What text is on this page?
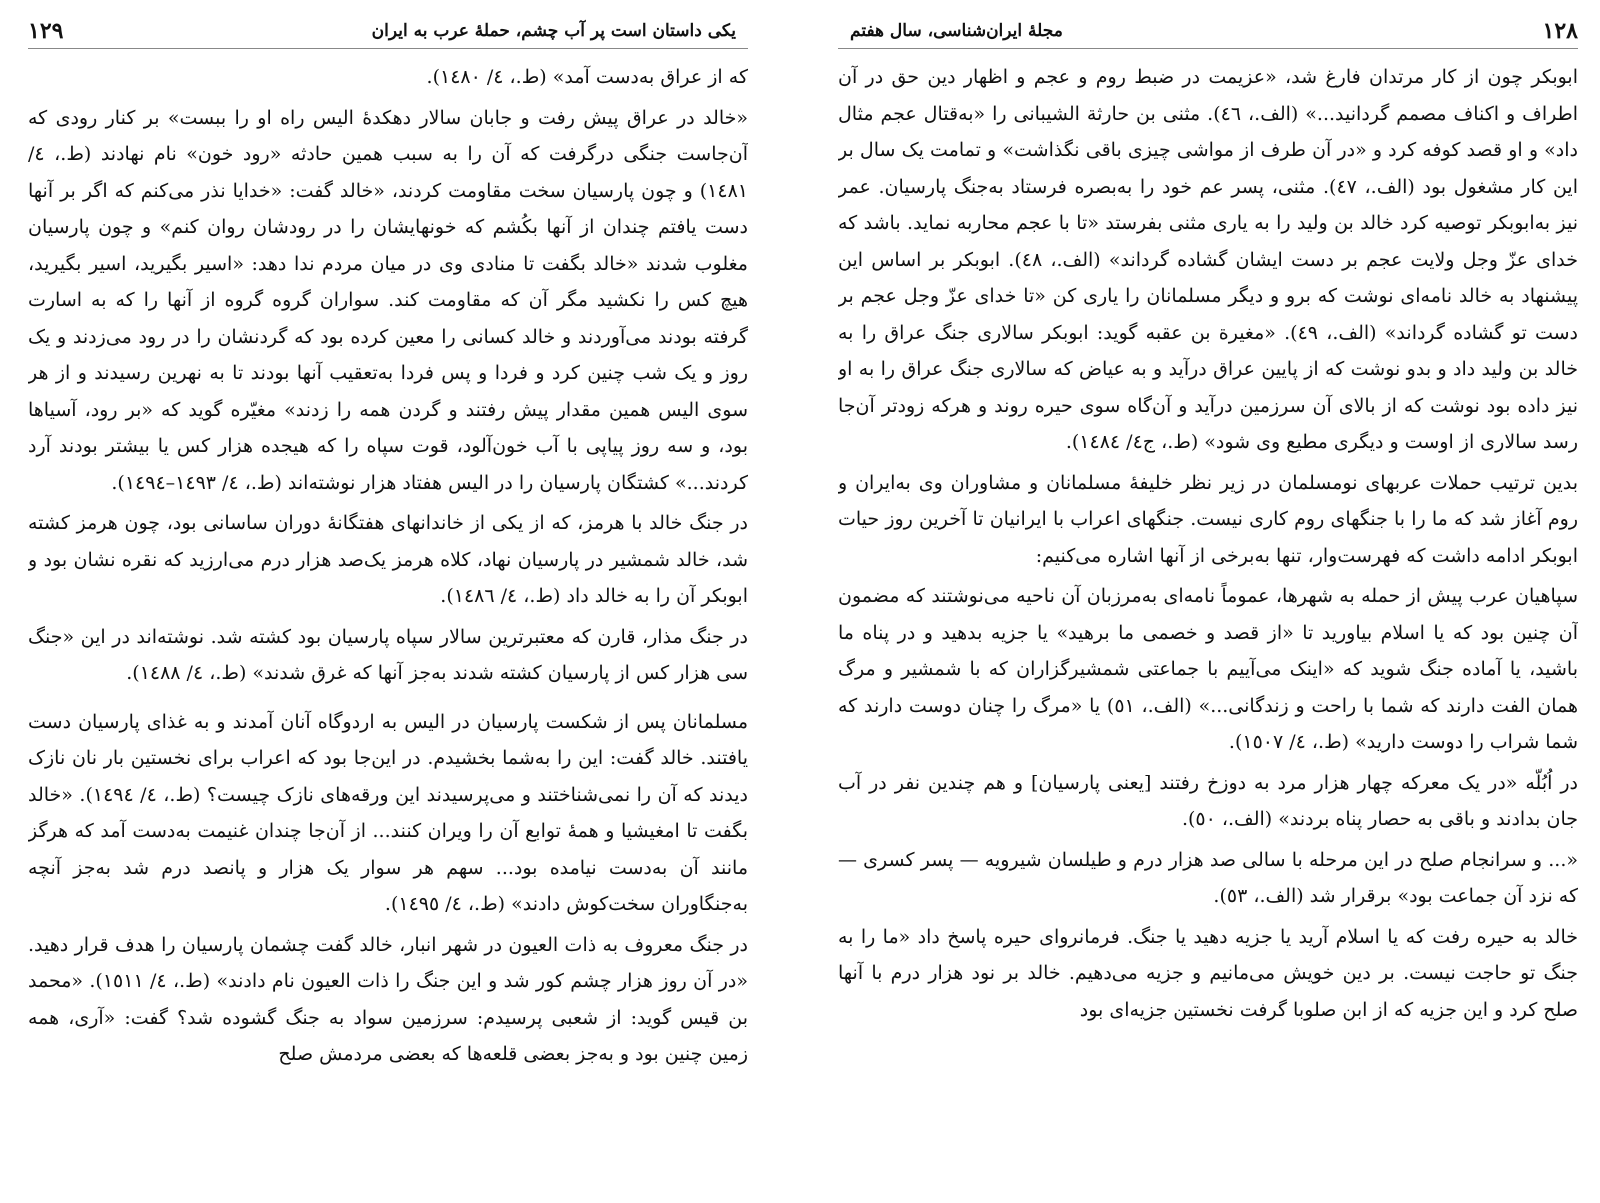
۱۲۹	یکی داستان است پر آب چشم، حملهٔ عرب به ایران

که از عراق به‌دست آمد» (ط.، ٤/ ۱٤۸۰).

«خالد در عراق پیش رفت و جابان سالار دهکدهٔ الیس راه او را ببست» بر کنار رودی که آن‌جاست جنگی درگرفت که آن را به سبب همین حادثه «رود خون» نام نهادند (ط.، ٤/ ۱٤۸۱) و چون پارسیان سخت مقاومت کردند، «خالد گفت: «خدایا نذر می‌کنم که اگر بر آنها دست یافتم چندان از آنها بکُشم که خونهایشان را در رودشان روان کنم» و چون پارسیان مغلوب شدند «خالد بگفت تا منادی وی در میان مردم ندا دهد: «اسیر بگیرید، اسیر بگیرید، هیچ کس را نکشید مگر آن که مقاومت کند. سواران گروه گروه از آنها را که به اسارت گرفته بودند می‌آوردند و خالد کسانی را معین کرده بود که گردنشان را در رود می‌زدند و یک روز و یک شب چنین کرد و فردا و پس فردا به‌تعقیب آنها بودند تا به نهرین رسیدند و از هر سوی الیس همین مقدار پیش رفتند و گردن همه را زدند» مغیّره گوید که «بر رود، آسیاها بود، و سه روز پیاپی با آب خون‌آلود، قوت سپاه را که هیجده هزار کس یا بیشتر بودند آرد کردند...» کشتگان پارسیان را در الیس هفتاد هزار نوشته‌اند (ط.، ٤/ ۱٤۹۳–۱٤۹٤).

در جنگ خالد با هرمز، که از یکی از خاندانهای هفتگانهٔ دوران ساسانی بود، چون هرمز کشته شد، خالد شمشیر در پارسیان نهاد، کلاه هرمز یک‌صد هزار درم می‌ارزید که نقره نشان بود و ابوبکر آن را به خالد داد (ط.، ٤/ ۱٤۸٦).

در جنگ مذار، قارن که معتبرترین سالار سپاه پارسیان بود کشته شد. نوشته‌اند در این «جنگ سی هزار کس از پارسیان کشته شدند به‌جز آنها که غرق شدند» (ط.، ٤/ ۱٤۸۸).

مسلمانان پس از شکست پارسیان در الیس به اردوگاه آنان آمدند و به غذای پارسیان دست یافتند. خالد گفت: این را به‌شما بخشیدم. در این‌جا بود که اعراب برای نخستین بار نان نازک دیدند که آن را نمی‌شناختند و می‌پرسیدند این ورقه‌های نازک چیست؟ (ط.، ٤/ ۱٤۹٤). «خالد بگفت تا امغیشیا و همهٔ توابع آن را ویران کنند... از آن‌جا چندان غنیمت به‌دست آمد که هرگز مانند آن به‌دست نیامده بود... سهم هر سوار یک هزار و پانصد درم شد به‌جز آنچه به‌جنگاوران سخت‌کوش دادند» (ط.، ٤/ ۱٤۹٥).

در جنگ معروف به ذات العیون در شهر انبار، خالد گفت چشمان پارسیان را هدف قرار دهید. «در آن روز هزار چشم کور شد و این جنگ را ذات العیون نام دادند» (ط.، ٤/ ۱٥۱۱). «محمد بن قیس گوید: از شعبی پرسیدم: سرزمین سواد به جنگ گشوده شد؟ گفت: «آری، همه زمین چنین بود و به‌جز بعضی قلعه‌ها که بعضی مردمش صلح

۱۲۸
مجلهٔ ایران‌شناسی، سال هفتم

ابوبکر چون از کار مرتدان فارغ شد، «عزیمت در ضبط روم و عجم و اظهار دین حق در آن اطراف و اکناف مصمم گردانید...» (الف.، ٤٦). مثنی بن حارثة الشیبانی را «به‌قتال عجم مثال داد» و او قصد کوفه کرد و «در آن طرف از مواشی چیزی باقی نگذاشت» و تمامت یک سال بر این کار مشغول بود (الف.، ٤۷). مثنی، پسر عم خود را به‌بصره فرستاد به‌جنگ پارسیان. عمر نیز به‌ابوبکر توصیه کرد خالد بن ولید را به یاری مثنی بفرستد «تا با عجم محاربه نماید. باشد که خدای عزّ وجل ولایت عجم بر دست ایشان گشاده گرداند» (الف.، ٤۸). ابوبکر بر اساس این پیشنهاد به خالد نامه‌ای نوشت که برو و دیگر مسلمانان را یاری کن «تا خدای عزّ وجل عجم بر دست تو گشاده گرداند» (الف.، ٤۹). «مغیرة بن عقبه گوید: ابوبکر سالاری جنگ عراق را به خالد بن ولید داد و بدو نوشت که از پایین عراق درآید و به عیاض که سالاری جنگ عراق را به او نیز داده بود نوشت که از بالای آن سرزمین درآید و آن‌گاه سوی حیره روند و هرکه زودتر آن‌جا رسد سالاری از اوست و دیگری مطیع وی شود» (ط.، ج٤/ ۱٤۸٤).

بدین ترتیب حملات عربهای نومسلمان در زیر نظر خلیفهٔ مسلمانان و مشاوران وی به‌ایران و روم آغاز شد که ما را با جنگهای روم کاری نیست. جنگهای اعراب با ایرانیان تا آخرین روز حیات ابوبکر ادامه داشت که فهرست‌وار، تنها به‌برخی از آنها اشاره می‌کنیم:

سپاهیان عرب پیش از حمله به شهرها، عموماً نامه‌ای به‌مرزبان آن ناحیه می‌نوشتند که مضمون آن چنین بود که یا اسلام بیاورید تا «از قصد و خصمی ما برهید» یا جزیه بدهید و در پناه ما باشید، یا آماده جنگ شوید که «اینک می‌آییم با جماعتی شمشیرگزاران که با شمشیر و مرگ همان الفت دارند که شما با راحت و زندگانی...» (الف.، ٥۱) یا «مرگ را چنان دوست دارند که شما شراب را دوست دارید» (ط.، ٤/ ۱٥۰۷).

در اُبُلّه «در یک معرکه چهار هزار مرد به دوزخ رفتند [یعنی پارسیان] و هم چندین نفر در آب جان بدادند و باقی به حصار پناه بردند» (الف.، ٥۰).

«... و سرانجام صلح در این مرحله با سالی صد هزار درم و طیلسان شیرویه — پسر کسری — که نزد آن جماعت بود» برقرار شد (الف.، ٥۳).

خالد به حیره رفت که یا اسلام آرید یا جزیه دهید یا جنگ. فرمانروای حیره پاسخ داد «ما را به جنگ تو حاجت نیست. بر دین خویش می‌مانیم و جزیه می‌دهیم. خالد بر نود هزار درم با آنها صلح کرد و این جزیه که از ابن صلوبا گرفت نخستین جزیه‌ای بود
